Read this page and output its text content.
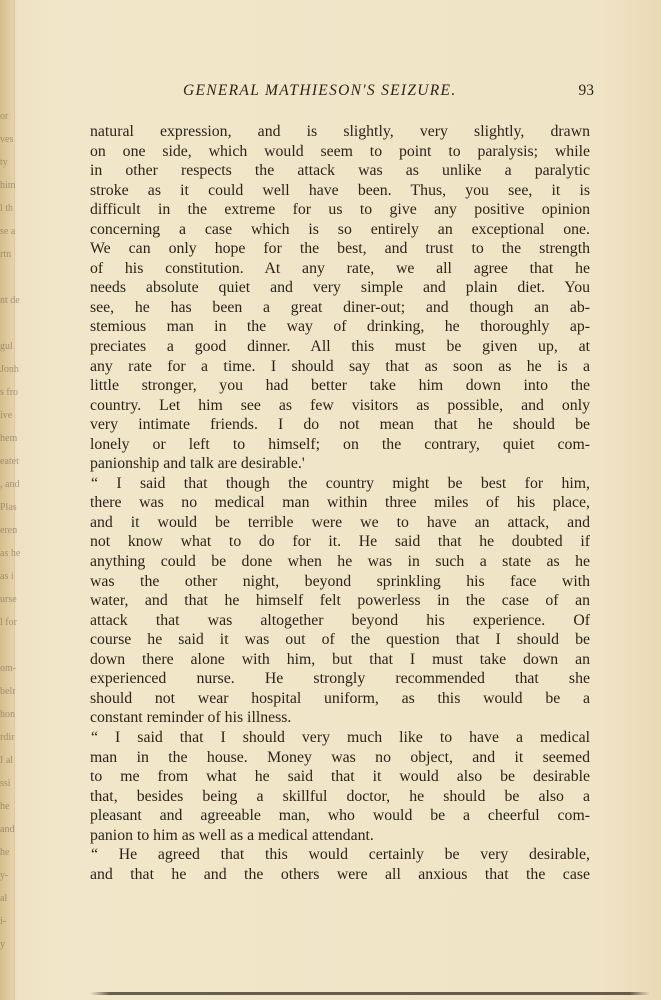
or
ves
ty
him
l th
se a
rtn
nt de
gul
Jonh
s fro
ive
hem
eatet
, and
Plas
eren
as he
as i
urse
l for
om-
belr
hon
rdir
I al
ssi
he
and
he
y-
al
i-
y
GENERAL MATHIESON'S SEIZURE.	93
natural expression, and is slightly, very slightly, drawn
on one side, which would seem to point to paralysis; while
in other respects the attack was as unlike a paralytic
stroke as it could well have been. Thus, you see, it is
difficult in the extreme for us to give any positive opinion
concerning a case which is so entirely an exceptional one.
We can only hope for the best, and trust to the strength
of his constitution. At any rate, we all agree that he
needs absolute quiet and very simple and plain diet. You
see, he has been a great diner-out; and though an ab-
stemious man in the way of drinking, he thoroughly ap-
preciates a good dinner. All this must be given up, at
any rate for a time. I should say that as soon as he is a
little stronger, you had better take him down into the
country. Let him see as few visitors as possible, and only
very intimate friends. I do not mean that he should be
lonely or left to himself; on the contrary, quiet com-
panionship and talk are desirable.'
“ I said that though the country might be best for him,
there was no medical man within three miles of his place,
and it would be terrible were we to have an attack, and
not know what to do for it. He said that he doubted if
anything could be done when he was in such a state as he
was the other night, beyond sprinkling his face with
water, and that he himself felt powerless in the case of an
attack that was altogether beyond his experience. Of
course he said it was out of the question that I should be
down there alone with him, but that I must take down an
experienced nurse. He strongly recommended that she
should not wear hospital uniform, as this would be a
constant reminder of his illness.
“ I said that I should very much like to have a medical
man in the house. Money was no object, and it seemed
to me from what he said that it would also be desirable
that, besides being a skillful doctor, he should be also a
pleasant and agreeable man, who would be a cheerful com-
panion to him as well as a medical attendant.
“ He agreed that this would certainly be very desirable,
and that he and the others were all anxious that the case
